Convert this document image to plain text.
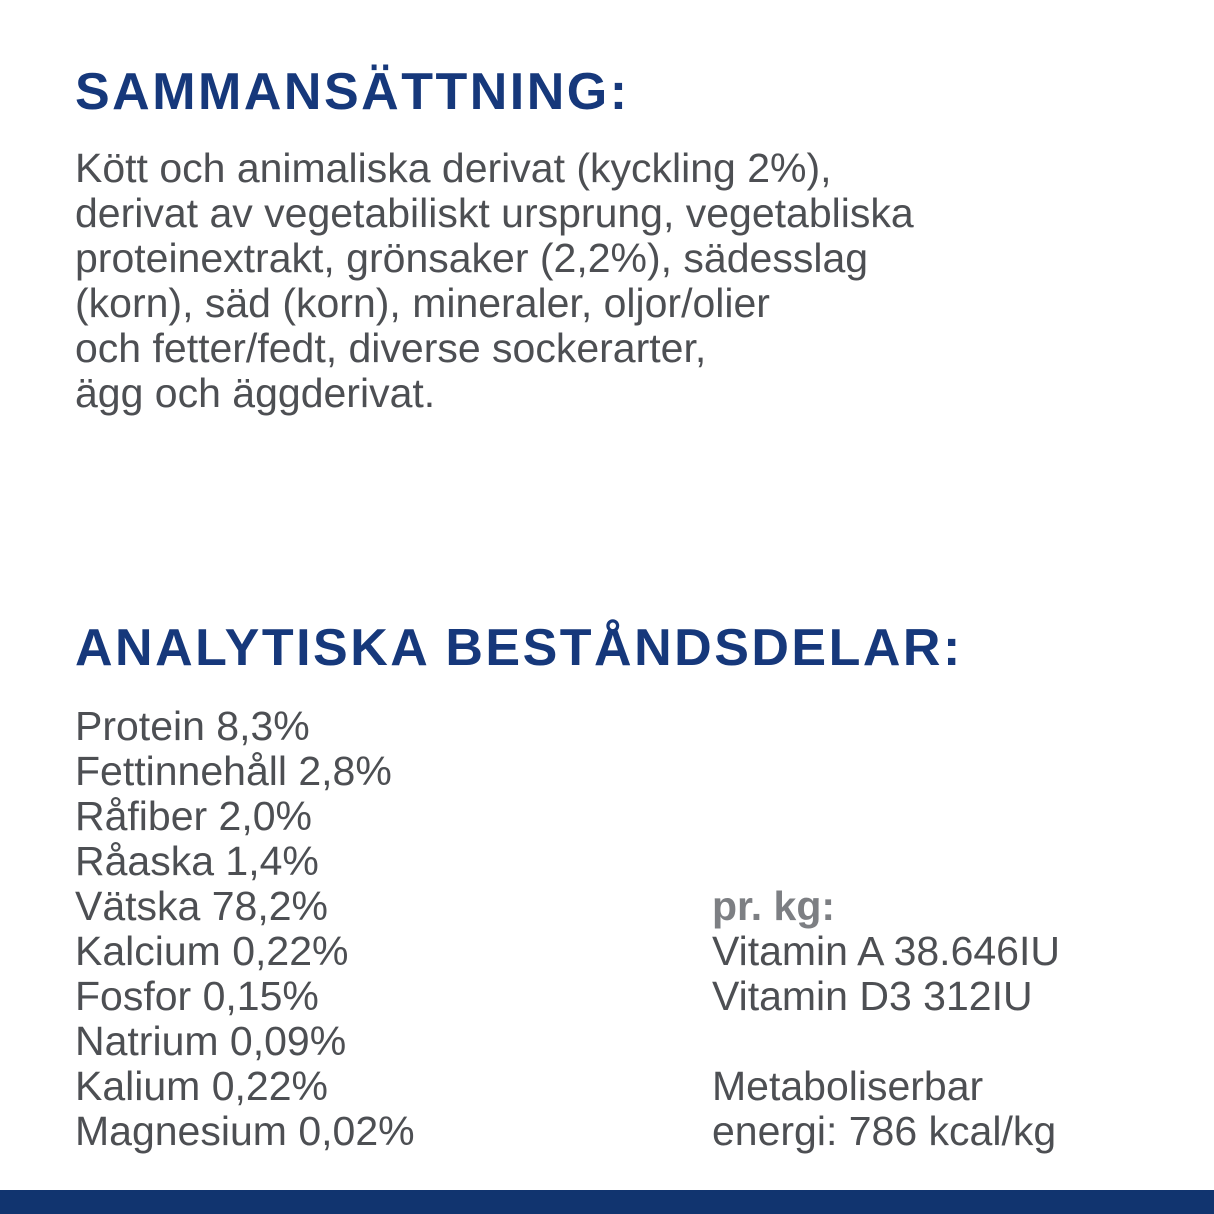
SAMMANSÄTTNING:
Kött och animaliska derivat (kyckling 2%),
derivat av vegetabiliskt ursprung, vegetabliska
proteinextrakt, grönsaker (2,2%), sädesslag
(korn), säd (korn), mineraler, oljor/olier
och fetter/fedt, diverse sockerarter,
ägg och äggderivat.
ANALYTISKA BESTÅNDSDELAR:
Protein 8,3%
Fettinnehåll 2,8%
Råfiber 2,0%
Råaska 1,4%
Vätska 78,2%
Kalcium 0,22%
Fosfor 0,15%
Natrium 0,09%
Kalium 0,22%
Magnesium 0,02%
pr. kg:
Vitamin A 38.646IU
Vitamin D3 312IU
Metaboliserbar
energi: 786 kcal/kg
